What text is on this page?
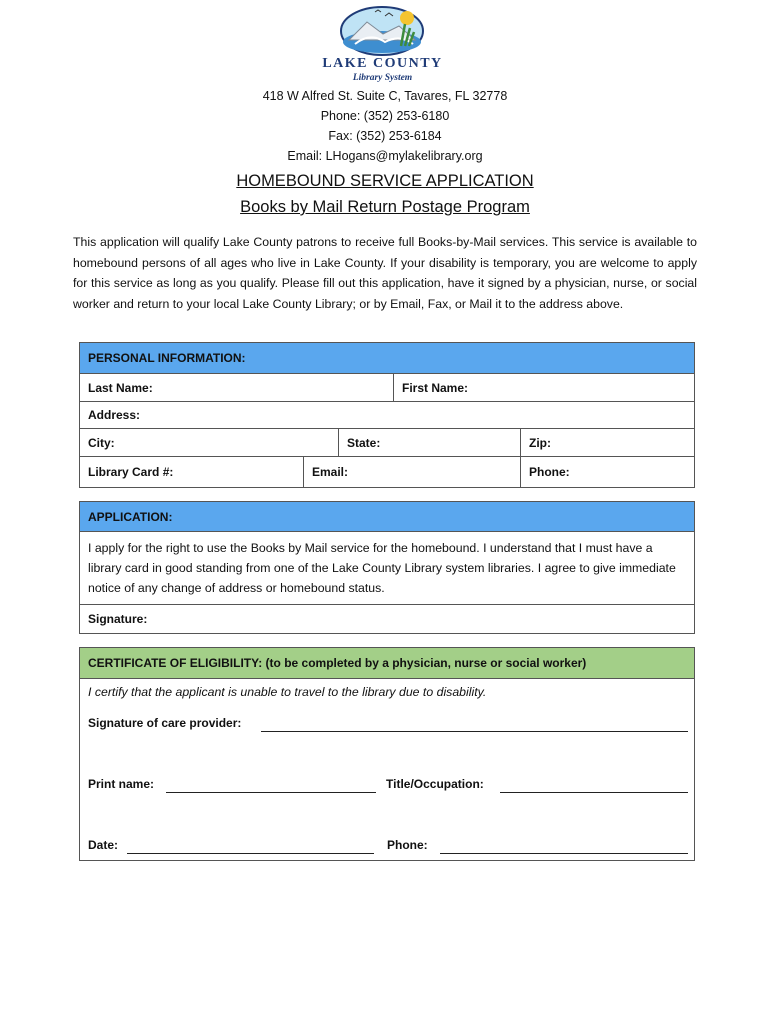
LAKE COUNTY
Library System
418 W Alfred St. Suite C, Tavares, FL 32778
Phone: (352) 253-6180
Fax: (352) 253-6184
Email: LHogans@mylakelibrary.org
HOMEBOUND SERVICE APPLICATION
Books by Mail Return Postage Program
This application will qualify Lake County patrons to receive full Books-by-Mail services. This service is available to homebound persons of all ages who live in Lake County. If your disability is temporary, you are welcome to apply for this service as long as you qualify. Please fill out this application, have it signed by a physician, nurse, or social worker and return to your local Lake County Library; or by Email, Fax, or Mail it to the address above.
PERSONAL INFORMATION:
Last Name:	First Name:
Address:
City:	State:	Zip:
Library Card #:	Email:	Phone:
APPLICATION:
I apply for the right to use the Books by Mail service for the homebound. I understand that I must have a library card in good standing from one of the Lake County Library system libraries. I agree to give immediate notice of any change of address or homebound status.
Signature:
CERTIFICATE OF ELIGIBILITY: (to be completed by a physician, nurse or social worker)
I certify that the applicant is unable to travel to the library due to disability.
Signature of care provider:
Print name:	Title/Occupation:
Date:	Phone:
